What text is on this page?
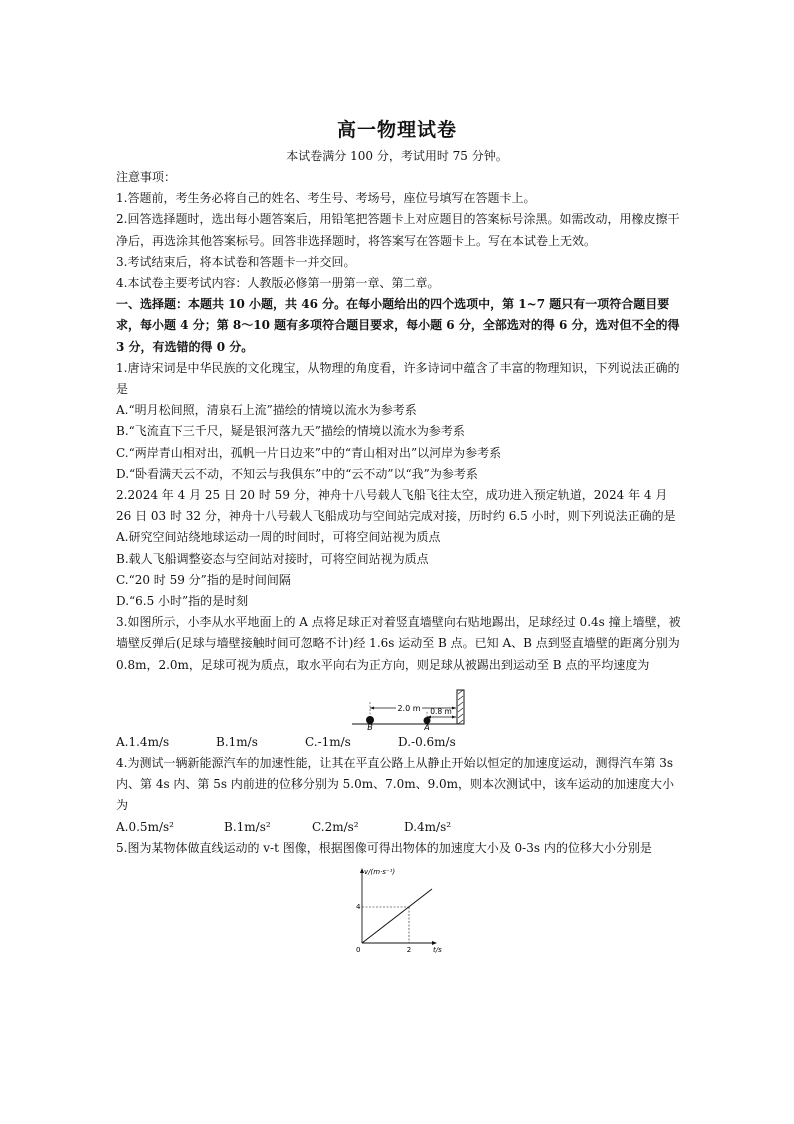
高一物理试卷
本试卷满分 100 分，考试用时 75 分钟。

注意事项：

1.答题前，考生务必将自己的姓名、考生号、考场号，座位号填写在答题卡上。

2.回答选择题时，选出每小题答案后，用铅笔把答题卡上对应题目的答案标号涂黑。如需改动，用橡皮擦干净后，再选涂其他答案标号。回答非选择题时，将答案写在答题卡上。写在本试卷上无效。

3.考试结束后，将本试卷和答题卡一并交回。

4.本试卷主要考试内容：人教版必修第一册第一章、第二章。

一、选择题：本题共 10 小题，共 46 分。在每小题给出的四个选项中，第 1~7 题只有一项符合题目要求，每小题 4 分；第 8～10 题有多项符合题目要求，每小题 6 分，全部选对的得 6 分，选对但不全的得 3 分，有选错的得 0 分。

1.唐诗宋词是中华民族的文化瑰宝，从物理的角度看，许多诗词中蕴含了丰富的物理知识，下列说法正确的是

A.“明月松间照，清泉石上流”描绘的情境以流水为参考系

B.“飞流直下三千尺，疑是银河落九天”描绘的情境以流水为参考系

C.“两岸青山相对出，孤帆一片日边来”中的“青山相对出”以河岸为参考系

D.“卧看满天云不动，不知云与我俱东”中的“云不动”以“我”为参考系

2.2024 年 4 月 25 日 20 时 59 分，神舟十八号载人飞船飞往太空，成功进入预定轨道，2024 年 4 月 26 日 03 时 32 分，神舟十八号载人飞船成功与空间站完成对接，历时约 6.5 小时，则下列说法正确的是

A.研究空间站绕地球运动一周的时间时，可将空间站视为质点

B.载人飞船调整姿态与空间站对接时，可将空间站视为质点

C.“20 时 59 分”指的是时间间隔

D.“6.5 小时”指的是时刻

3.如图所示，小李从水平地面上的 A 点将足球正对着竖直墙壁向右贴地踢出，足球经过 0.4s 撞上墙壁，被墙壁反弹后(足球与墙壁接触时间可忽略不计)经 1.6s 运动至 B 点。已知 A、B 点到竖直墙壁的距离分别为 0.8m，2.0m，足球可视为质点，取水平向右为正方向，则足球从被踢出到运动至 B 点的平均速度为

2.0 m 0.8 m
B	A
A.1.4m/s	B.1m/s	C.-1m/s	D.-0.6m/s

4.为测试一辆新能源汽车的加速性能，让其在平直公路上从静止开始以恒定的加速度运动，测得汽车第 3s 内、第 4s 内、第 5s 内前进的位移分别为 5.0m、7.0m、9.0m，则本次测试中，该车运动的加速度大小为

A.0.5m/s²	B.1m/s²	C.2m/s²	D.4m/s²

5.图为某物体做直线运动的 v-t 图像，根据图像可得出物体的加速度大小及 0-3s 内的位移大小分别是

v/(m·s⁻¹)
t/s
0
4
2
